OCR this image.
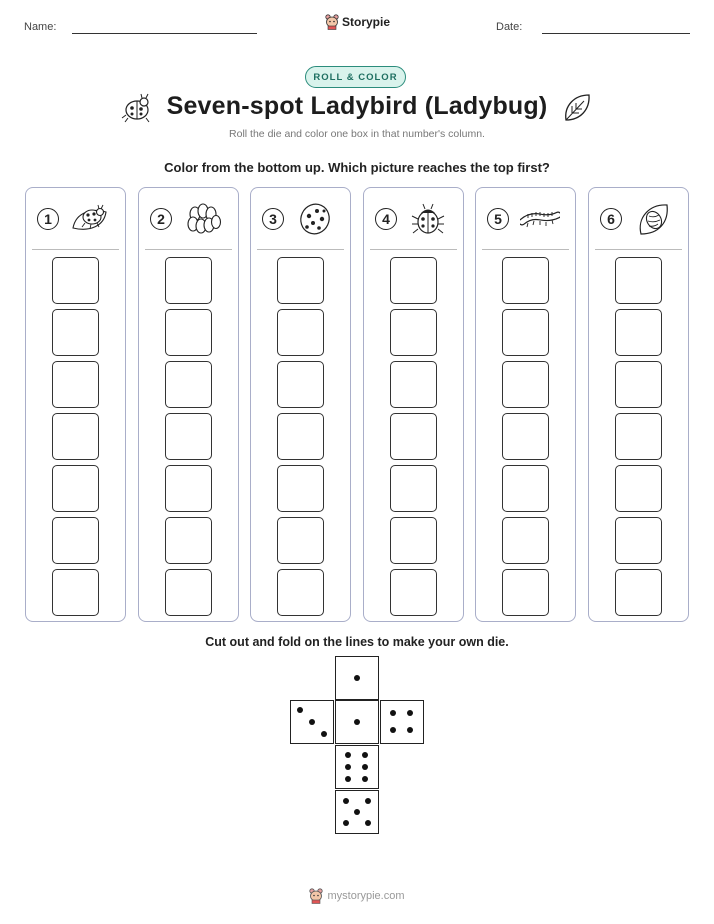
Name:	Storypie	Date:
ROLL & COLOR
Seven-spot Ladybird (Ladybug)
Roll the die and color one box in that number's column.
Color from the bottom up. Which picture reaches the top first?
1	2	3	4	5	6
Cut out and fold on the lines to make your own die.
mystorypie.com
